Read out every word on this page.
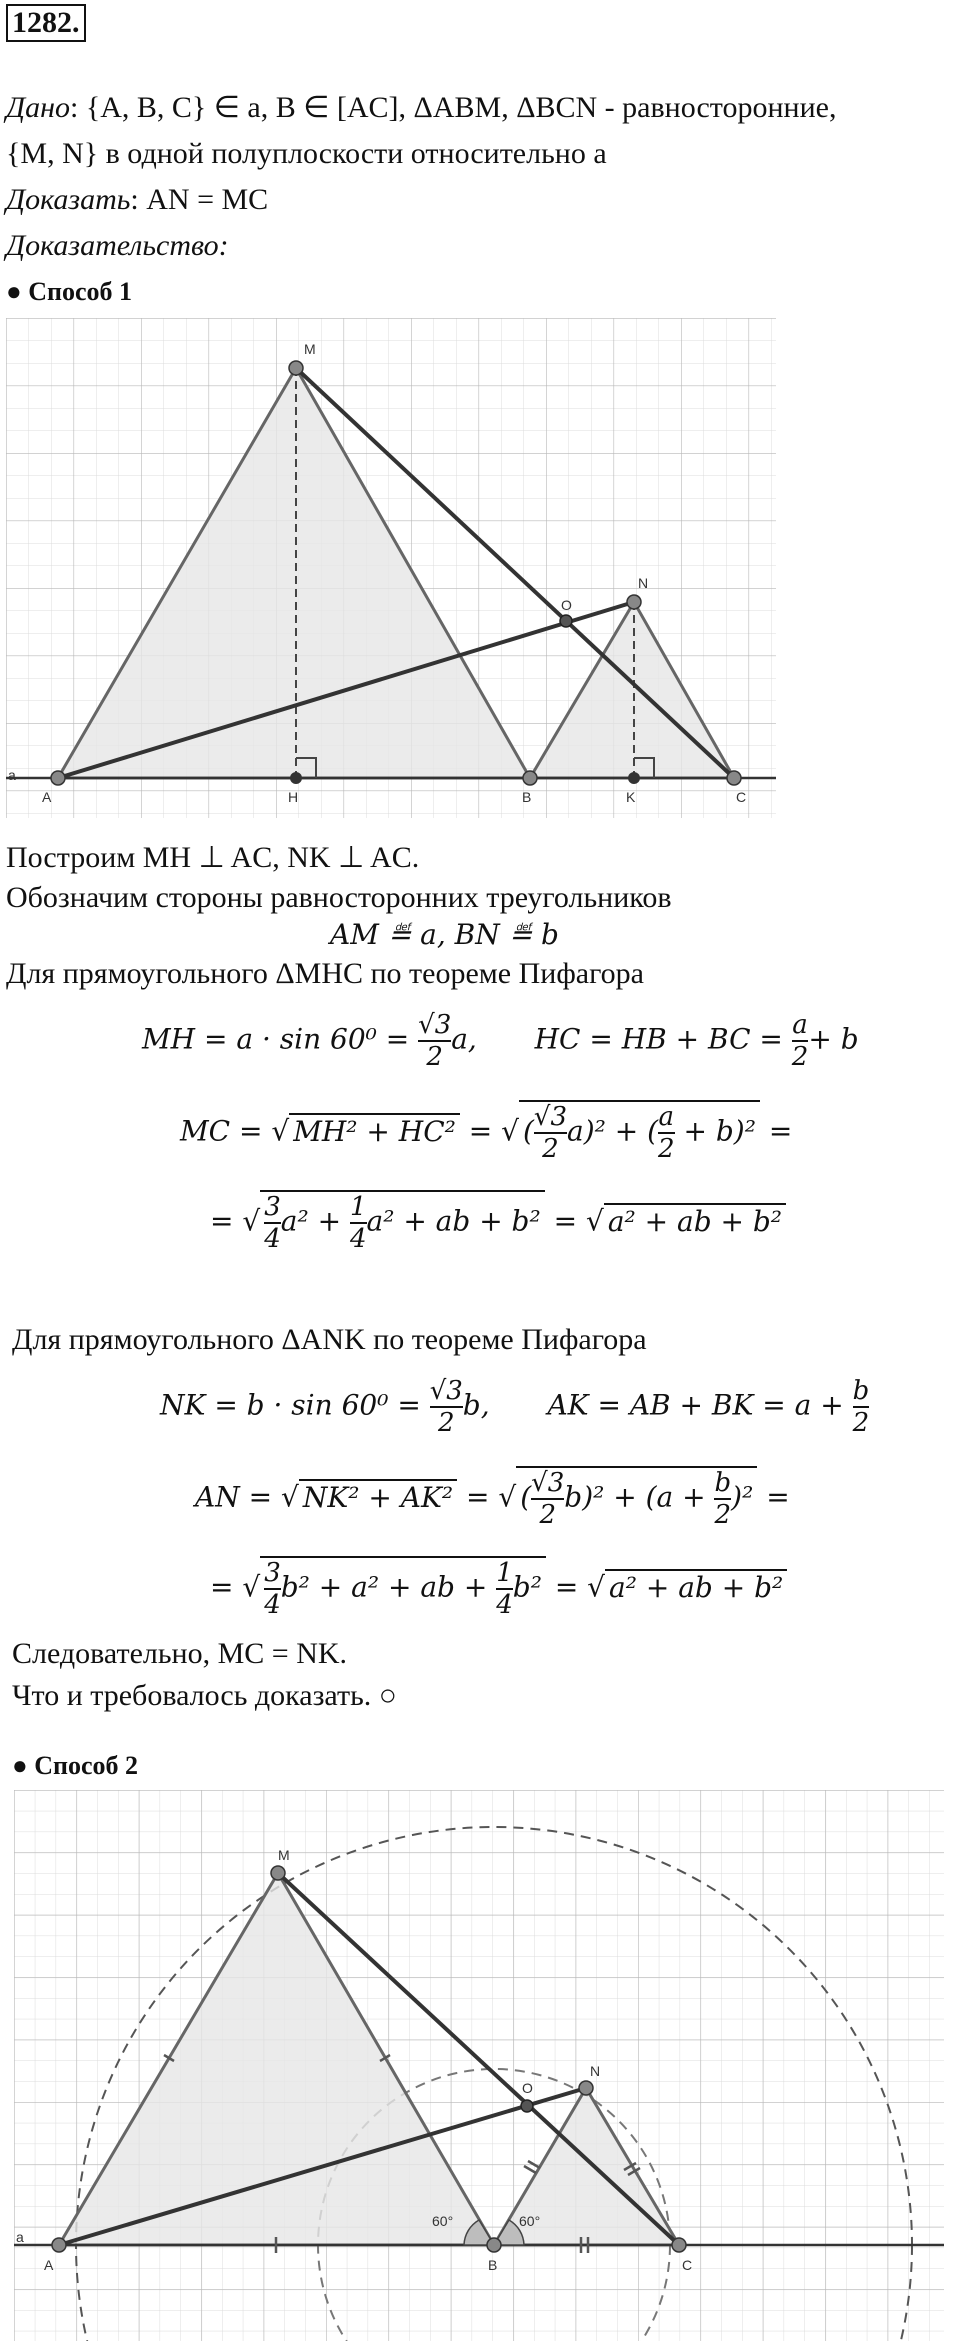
1282.
Дано: {A, B, C} ∈ a, B ∈ [AC], ΔABM, ΔBCN - равносторонние,
{M, N} в одной полуплоскости относительно a
Доказать: AN = MC
Доказательство:
● Способ 1
M
O
N
A	H	B	K	C
a
Построим MH ⊥ AC, NK ⊥ AC.
Обозначим стороны равносторонних треугольников
AM ≝ a, BN ≝ b
Для прямоугольного ΔMHC по теореме Пифагора
MH = $a \cdot \sin 60^0 = \frac{√3}{2} a$, HC = HB + BC = $\frac{a}{2} + b$
MC = √ MH² + HC² = √ ( $\frac{√3}{2} a)^2$ + ( $\frac{a}{2} + b)^2$ =
= √ $\frac{3}{4} a^2 + \frac{1}{4} a^2$ + ab + b² = √ a² + ab + b²
Для прямоугольного ΔANK по теореме Пифагора
NK = $b \cdot \sin 60^0 = \frac{√3}{2} b$, AK = AB + BK = $a + \frac{b}{2}$
AN = √ NK² + AK² = √ ( $\frac{√3}{2} b)^2 + (a + \frac{b}{2} )^2$ =
= √ $\frac{3}{4} b^2 + a^2$ + ab + $\frac{1}{4} b^2$ = √ a² + ab + b²
Следовательно, MC = NK.
Что и требовалось доказать. ○
● Способ 2
M
O
N
A	B	C
a
60°	60°
